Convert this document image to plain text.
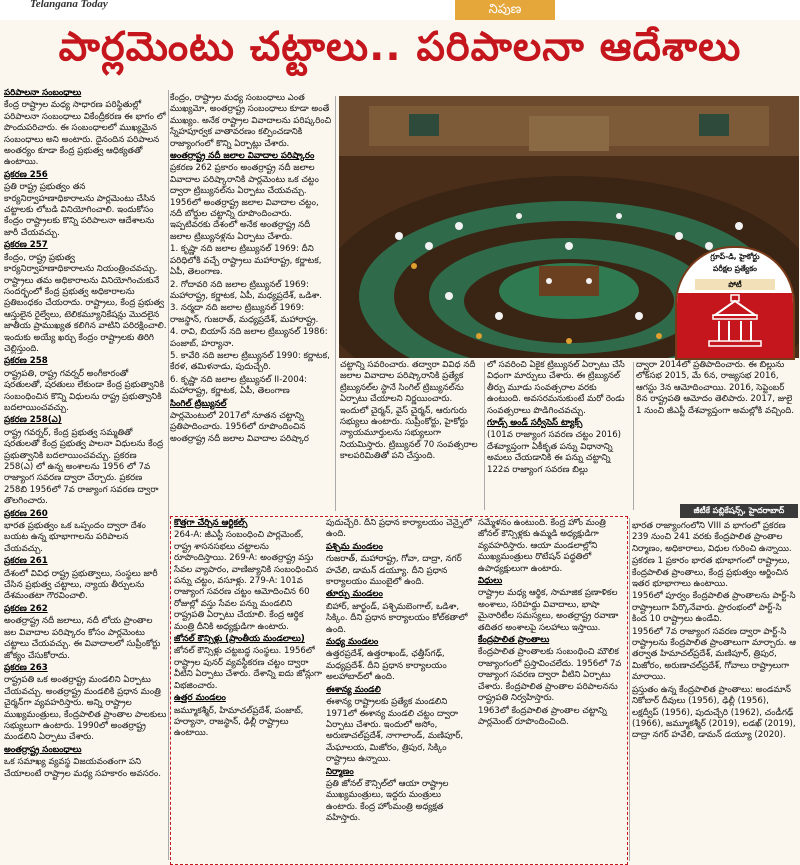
Telangana Today	నిపుణ
పార్లమెంటు చట్టాలు.. పరిపాలనా ఆదేశాలు

పరిపాలనా సంబంధాలు

కేంద్ర రాష్ట్రాల మధ్య సాధారణ పరిస్థితుల్లో పరిపాలనా సంబంధాలు వికేంద్రీకరణ ఈ భాగం లో పొందుపరిచారు. ఈ సంబంధాలలో ముఖ్యమైన సంబంధాలు అని అంటారు. దైనందిన పరిపాలన అంతర్యం కూడా కేంద్ర ప్రభుత్వ ఆధిక్యతతో ఉంటాయి.

ప్రకరణ 256

ప్రతి రాష్ట్ర ప్రభుత్వం తన కార్యనిర్వాహణాధికారాలను పార్లమెంటు చేసిన చట్టాలకు లోబడి వినియోగించాలి. ఇందుకోసం కేంద్రం రాష్ట్రాలకు కొన్ని పరిపాలనా ఆదేశాలను జారీ చేయవచ్చు.

ప్రకరణ 257

కేంద్రం, రాష్ట్ర ప్రభుత్వ కార్యనిర్వాహణాధికారాలను నియంత్రించవచ్చు. రాష్ట్రాలు తమ అధికారాలను వినియోగించుకునే సందర్భంలో కేంద్ర ప్రభుత్వ అధికారాలను ప్రతిబంధకం చేయరాదు. రాష్ట్రాలు, కేంద్ర ప్రభుత్వ ఆస్తులైన రైల్వేలు, టెలికమ్యూనికేషన్లు మొదలైన జాతీయ ప్రాముఖ్యత కలిగిన వాటిని పరిరక్షించాలి. ఇందుకు అయ్యే ఖర్చు కేంద్రం రాష్ట్రాలకు తిరిగి చెల్లిస్తుంది.

ప్రకరణ 258

రాష్ట్రపతి, రాష్ట్ర గవర్నర్ అంగీకారంతో షరతులతో, షరతులు లేకుండా కేంద్ర ప్రభుత్వానికి సంబంధించిన కొన్ని విధులను రాష్ట్ర ప్రభుత్వానికి బదలాయించవచ్చు.

ప్రకరణ 258(ఎ)

రాష్ట్ర గవర్నర్, కేంద్ర ప్రభుత్వ సమ్మతితో షరతులతో కేంద్ర ప్రభుత్వ పాలనా విధులను కేంద్ర ప్రభుత్వానికి బదలాయించవచ్చు. ప్రకరణ 258(ఎ) లో ఉన్న అంశాలను 1956 లో 7వ రాజ్యాంగ సవరణ ద్వారా చేర్చారు. ప్రకరణ 258బి 1956లో 7వ రాజ్యాంగ సవరణ ద్వారా తొలగించారు.

ప్రకరణ 260

భారత ప్రభుత్వం ఒక ఒప్పందం ద్వారా దేశం బయట ఉన్న భూభాగాలను పరిపాలన చేయవచ్చు.

ప్రకరణ 261

దేశంలో వివిధ రాష్ట్ర ప్రభుత్వాలు, సంస్థలు జారీ చేసిన ప్రభుత్వ చట్టాలు, న్యాయ తీర్పులను దేశమంతటా గౌరవించాలి.

ప్రకరణ 262

అంతర్రాష్ట్ర నదీ జలాలు, నదీ లోయ ప్రాంతాల జల వివాదాల పరిష్కారం కోసం పార్లమెంటు చట్టాలు చేయవచ్చు. ఈ వివాదాలలో సుప్రీంకోర్టు జోక్యం చేసుకోరాదు.

ప్రకరణ 263

రాష్ట్రపతి ఒక అంతర్రాష్ట్ర మండలిని ఏర్పాటు చేయవచ్చు. అంతర్రాష్ట్ర మండలికి ప్రధాన మంత్రి చైర్మన్‌గా వ్యవహరిస్తారు. అన్ని రాష్ట్రాల ముఖ్యమంత్రులు, కేంద్రపాలిత ప్రాంతాల పాలకులు సభ్యులుగా ఉంటారు. 1990లో అంతర్రాష్ట్ర మండలిని ఏర్పాటు చేశారు.

అంతర్రాష్ట్ర సంబంధాలు

ఒక సమాఖ్య వ్యవస్థ విజయవంతంగా పని చేయాలంటే రాష్ట్రాల మధ్య సహకారం అవసరం.

కేంద్రం, రాష్ట్రాల మధ్య సంబంధాలు ఎంత ముఖ్యమో, అంతర్రాష్ట్ర సంబంధాలు కూడా అంతే ముఖ్యం. అనేక రాష్ట్రాల వివాదాలను పరిష్కరించి స్నేహపూర్వక వాతావరణం కల్పించడానికి రాజ్యాంగంలో కొన్ని ఏర్పాట్లు చేశారు.

అంతర్రాష్ట్ర నదీ జలాల వివాదాల పరిష్కారం

ప్రకరణ 262 ప్రకారం అంతర్రాష్ట్ర నదీ జలాల వివాదాల పరిష్కారానికి పార్లమెంటు ఒక చట్టం ద్వారా ట్రిబ్యునల్‌ను ఏర్పాటు చేయవచ్చు. 1956లో అంతర్రాష్ట్ర జలాల వివాదాల చట్టం, నదీ బోర్డుల చట్టాన్ని రూపొందించారు. ఇప్పటివరకు దేశంలో అనేక అంతర్రాష్ట్ర నదీ జలాల ట్రిబ్యునళ్లను ఏర్పాటు చేశారు.

1. కృష్ణా నది జలాల ట్రిబ్యునల్ 1969: దీని పరిధిలోకి వచ్చే రాష్ట్రాలు మహారాష్ట్ర, కర్ణాటక, ఏపీ, తెలంగాణ.

2. గోదావరి నది జలాల ట్రిబ్యునల్ 1969: మహారాష్ట్ర, కర్ణాటక, ఏపీ, మధ్యప్రదేశ్, ఒడిశా.

3. నర్మదా నది జలాల ట్రిబ్యునల్ 1969: రాజస్థాన్, గుజరాత్, మధ్యప్రదేశ్, మహారాష్ట్ర.

4. రావి, బియాస్ నది జలాల ట్రిబ్యునల్ 1986: పంజాబ్, హర్యానా.

5. కావేరి నది జలాల ట్రిబ్యునల్ 1990: కర్ణాటక, కేరళ, తమిళనాడు, పుదుచ్చేరి.

6. కృష్ణా నది జలాల ట్రిబ్యునల్ II-2004: మహారాష్ట్ర, కర్ణాటక, ఏపీ, తెలంగాణ

సింగిల్ ట్రిబ్యునల్

పార్లమెంటులో 2017లో నూతన చట్టాన్ని ప్రతిపాదించారు. 1956లో రూపొందించిన అంతర్రాష్ట్ర నదీ జలాల వివాదాల పరిష్కార

గ్రూప్-డి, హైకోర్టు
పరీక్షల ప్రత్యేకం
పోటీ

చట్టాన్ని సవరించారు. తద్వారా వివిధ నదీ జలాల వివాదాల పరిష్కారానికి ప్రత్యేక ట్రిబ్యునల్‌ల స్థానే సింగిల్ ట్రిబ్యునల్‌ను ఏర్పాటు చేయాలని నిర్ణయించారు. ఇందులో చైర్మన్, వైస్ చైర్మన్, ఆరుగురు సభ్యులు ఉంటారు. సుప్రీంకోర్టు, హైకోర్టు న్యాయమూర్తులను సభ్యులుగా నియమిస్తారు. ట్రిబ్యునల్ 70 సంవత్సరాల కాలపరిమితితో పని చేస్తుంది.

లో సవరించి ఏకైక ట్రిబ్యునల్ ఏర్పాటు చేసే విధంగా మార్పులు చేశారు. ఈ ట్రిబ్యునల్ తీర్పు మూడు సంవత్సరాల వరకు ఉంటుంది. అవసరమనుకుంటే మరో రెండు సంవత్సరాలు పొడిగించవచ్చు.

గూడ్స్ అండ్ సర్వీసెస్ ట్యాక్స్

(101వ రాజ్యాంగ సవరణ చట్టం 2016) దేశవ్యాప్తంగా ఏకీకృత పన్ను విధానాన్ని అమలు చేయడానికి ఈ పన్ను చట్టాన్ని 122వ రాజ్యాంగ సవరణ బిల్లు

ద్వారా 2014లో ప్రతిపాదించారు. ఈ బిల్లును లోక్‌సభ 2015, మే 6న, రాజ్యసభ 2016, ఆగస్టు 3న ఆమోదించాయి. 2016, సెప్టెంబర్ 8న రాష్ట్రపతి ఆమోదం తెలిపారు. 2017, జులై 1 నుంచి జీఎస్టీ దేశవ్యాప్తంగా అమల్లోకి వచ్చింది.

జీటీకే పబ్లికేషన్స్, హైదరాబాద్

కొత్తగా చేర్చిన ఆర్టికల్స్

264-A: జీఎస్టీ సంబంధించి పార్లమెంట్, రాష్ట్ర శాసనసభలు చట్టాలను రూపొందిస్తాయి. 269-A: అంతర్రాష్ట్ర వస్తు సేవల వ్యాపారం, వాణిజ్యానికి సంబంధించిన పన్ను చట్టం, వసూళ్లు. 279-A: 101వ రాజ్యాంగ సవరణ చట్టం ఆమోదించిన 60 రోజుల్లో వస్తు సేవల పన్ను మండలిని రాష్ట్రపతి ఏర్పాటు చేయాలి. కేంద్ర ఆర్థిక మంత్రి దీనికి అధ్యక్షుడిగా ఉంటారు.

జోనల్ కౌన్సిళ్లు (ప్రాంతీయ మండలాలు)

జోనల్ కౌన్సిళ్లు చట్టబద్ధ సంస్థలు. 1956లో రాష్ట్రాల పునర్ వ్యవస్థీకరణ చట్టం ద్వారా వీటిని ఏర్పాటు చేశారు. దేశాన్ని ఐదు జోన్లుగా విభజించారు.

ఉత్తర మండలం

జమ్మూకశ్మీర్, హిమాచల్‌ప్రదేశ్, పంజాబ్, హర్యానా, రాజస్థాన్, ఢిల్లీ రాష్ట్రాలు ఉంటాయి.

పుదుచ్చేరి. దీని ప్రధాన కార్యాలయం చెన్నైలో ఉంది.

పశ్చిమ మండలం

గుజరాత్, మహారాష్ట్ర, గోవా, దాద్రా, నగర్ హవేలి, డామన్ డయ్యూ. దీని ప్రధాన కార్యాలయం ముంబైలో ఉంది.

తూర్పు మండలం

బిహార్, జార్ఖండ్, పశ్చిమబెంగాల్, ఒడిశా, సిక్కిం. దీని ప్రధాన కార్యాలయం కోల్‌కతాలో ఉంది.

మధ్య మండలం

ఉత్తరప్రదేశ్, ఉత్తరాఖండ్, ఛత్తీస్‌గఢ్, మధ్యప్రదేశ్. దీని ప్రధాన కార్యాలయం అలహాబాద్‌లో ఉంది.

ఈశాన్య మండలి

ఈశాన్య రాష్ట్రాలకు ప్రత్యేక మండలిని 1971లో ఈశాన్య మండలి చట్టం ద్వారా ఏర్పాటు చేశారు. ఇందులో అసోం, అరుణాచల్‌ప్రదేశ్, నాగాలాండ్, మణిపూర్, మేఘాలయ, మిజోరం, త్రిపుర, సిక్కిం రాష్ట్రాలు ఉన్నాయి.

నిర్మాణం

ప్రతి జోనల్ కౌన్సిల్‌లో ఆయా రాష్ట్రాల ముఖ్యమంత్రులు, ఇద్దరు మంత్రులు ఉంటారు. కేంద్ర హోంమంత్రి అధ్యక్షత వహిస్తారు.

సమ్మేళనం ఉంటుంది. కేంద్ర హోం మంత్రి జోనల్ కౌన్సిళ్లకు ఉమ్మడి అధ్యక్షుడిగా వ్యవహరిస్తారు. ఆయా మండలాల్లోని ముఖ్యమంత్రులు రొటేషన్ పద్ధతిలో ఉపాధ్యక్షులుగా ఉంటారు.

విధులు

రాష్ట్రాల మధ్య ఆర్థిక, సామాజిక ప్రణాళికల అంశాలు, సరిహద్దు వివాదాలు, భాషా మైనారిటీల సమస్యలు, అంతర్రాష్ట్ర రవాణా తదితర అంశాలపై సలహాలు ఇస్తాయి.

కేంద్రపాలిత ప్రాంతాలు

కేంద్రపాలిత ప్రాంతాలకు సంబంధించి మౌలిక రాజ్యాంగంలో ప్రస్తావించలేదు. 1956లో 7వ రాజ్యాంగ సవరణ ద్వారా వీటిని ఏర్పాటు చేశారు. కేంద్రపాలిత ప్రాంతాల పరిపాలనను రాష్ట్రపతి నిర్వహిస్తారు.

1963లో కేంద్రపాలిత ప్రాంతాల చట్టాన్ని పార్లమెంట్ రూపొందించింది.

భారత రాజ్యాంగంలోని VIII వ భాగంలో ప్రకరణ 239 నుంచి 241 వరకు కేంద్రపాలిత ప్రాంతాల నిర్మాణం, అధికారాలు, విధుల గురించి ఉన్నాయి.

ప్రకరణ 1 ప్రకారం భారత భూభాగంలో రాష్ట్రాలు, కేంద్రపాలిత ప్రాంతాలు, కేంద్ర ప్రభుత్వం ఆర్జించిన ఇతర భూభాగాలు ఉంటాయి.

1956లో పూర్వం కేంద్రపాలిత ప్రాంతాలను పార్ట్-సి రాష్ట్రాలుగా పేర్కొనేవారు. ప్రారంభంలో పార్ట్-సి కింద 10 రాష్ట్రాలు ఉండేవి.

1956లో 7వ రాజ్యాంగ సవరణ ద్వారా పార్ట్-సి రాష్ట్రాలను కేంద్రపాలిత ప్రాంతాలుగా మార్చారు. ఆ తర్వాత హిమాచల్‌ప్రదేశ్, మణిపూర్, త్రిపుర, మిజోరం, అరుణాచల్‌ప్రదేశ్, గోవాలు రాష్ట్రాలుగా మారాయి.

ప్రస్తుతం ఉన్న కేంద్రపాలిత ప్రాంతాలు: అండమాన్ నికోబార్ దీవులు (1956), ఢిల్లీ (1956), లక్షద్వీప్ (1956), పుదుచ్చేరి (1962), చండీగఢ్ (1966), జమ్మూకశ్మీర్ (2019), లడఖ్ (2019), దాద్రా నగర్ హవేలి, డామన్ డయ్యూ (2020).
